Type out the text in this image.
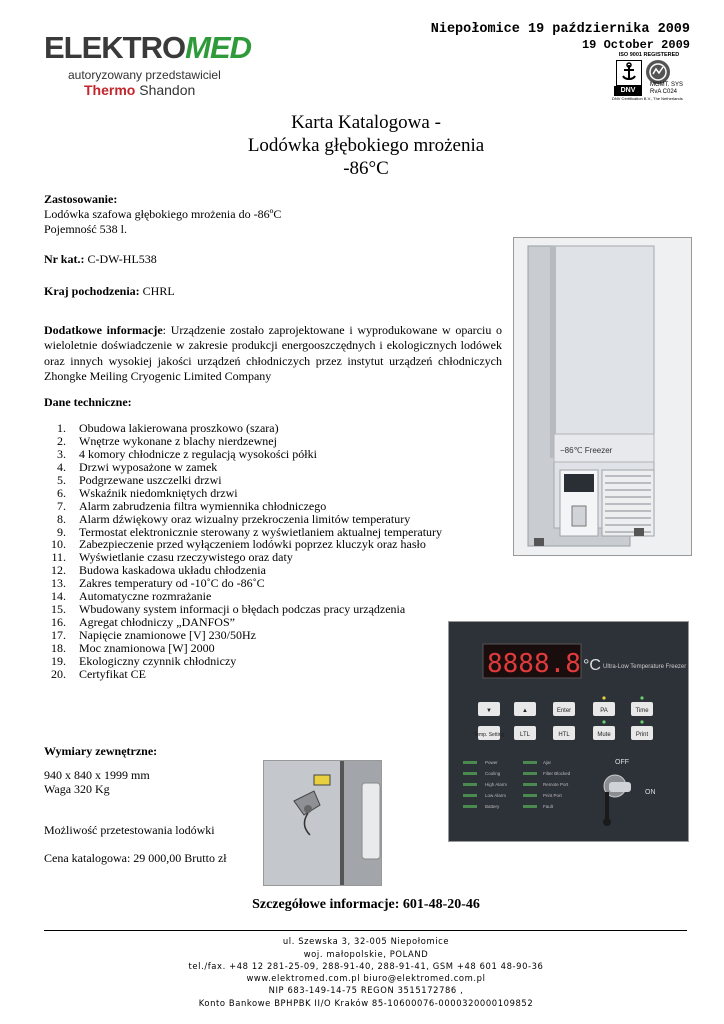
ELEKTROMED
autoryzowany przedstawiciel
Thermo Shandon
Niepołomice 19 października 2009
19 October 2009
ISO 9001 REGISTERED
DNV
MGMT. SYS
RvA C024
DNV Certification B.V., The Netherlands
Karta Katalogowa -
Lodówka głębokiego mrożenia
-86°C
Zastosowanie:
Lodówka szafowa głębokiego mrożenia do -86ºC
Pojemność 538 l.
Nr kat.: C-DW-HL538
Kraj pochodzenia: CHRL
Dodatkowe informacje: Urządzenie zostało zaprojektowane i wyprodukowane w oparciu o wieloletnie doświadczenie w zakresie produkcji energooszczędnych i ekologicznych lodówek oraz innych wysokiej jakości urządzeń chłodniczych przez instytut urządzeń chłodniczych Zhongke Meiling Cryogenic Limited Company
Dane techniczne:
1. Obudowa lakierowana proszkowo (szara)
2. Wnętrze wykonane z blachy nierdzewnej
3. 4 komory chłodnicze z regulacją wysokości półki
4. Drzwi wyposażone w zamek
5. Podgrzewane uszczelki drzwi
6. Wskaźnik niedomkniętych drzwi
7. Alarm zabrudzenia filtra wymiennika chłodniczego
8. Alarm dźwiękowy oraz wizualny przekroczenia limitów temperatury
9. Termostat elektronicznie sterowany z wyświetlaniem aktualnej temperatury
10. Zabezpieczenie przed wyłączeniem lodówki poprzez kluczyk oraz hasło
11. Wyświetlanie czasu rzeczywistego oraz daty
12. Budowa kaskadowa układu chłodzenia
13. Zakres temperatury od -10˚C do -86˚C
14. Automatyczne rozmrażanie
15. Wbudowany system informacji o błędach podczas pracy urządzenia
16. Agregat chłodniczy „DANFOS”
17. Napięcie znamionowe [V] 230/50Hz
18. Moc znamionowa [W] 2000
19. Ekologiczny czynnik chłodniczy
20. Certyfikat CE
Wymiary zewnętrzne:
940 x 840 x 1999 mm
Waga 320 Kg
Możliwość przetestowania lodówki
Cena katalogowa: 29 000,00 Brutto zł
−86℃ Freezer
8888.8 °C Ultra-Low Temperature Freezer
▼	▲	Enter	PA	Time
Temp. Setting	LTL	HTL	Mute	Print
Power
Cooling
High Alarm
Low Alarm
Battery
Ajar
Filter Blocked
Remote Port
Print Port
Fault
OFF
ON
Szczegółowe informacje: 601-48-20-46
ul. Szewska 3, 32-005 Niepołomice
woj. małopolskie, POLAND
tel./fax. +48 12 281-25-09, 288-91-40, 288-91-41, GSM +48 601 48-90-36
www.elektromed.com.pl biuro@elektromed.com.pl
NIP 683-149-14-75 REGON 3515172786 ,
Konto Bankowe BPHPBK II/O Kraków 85-10600076-0000320000109852
